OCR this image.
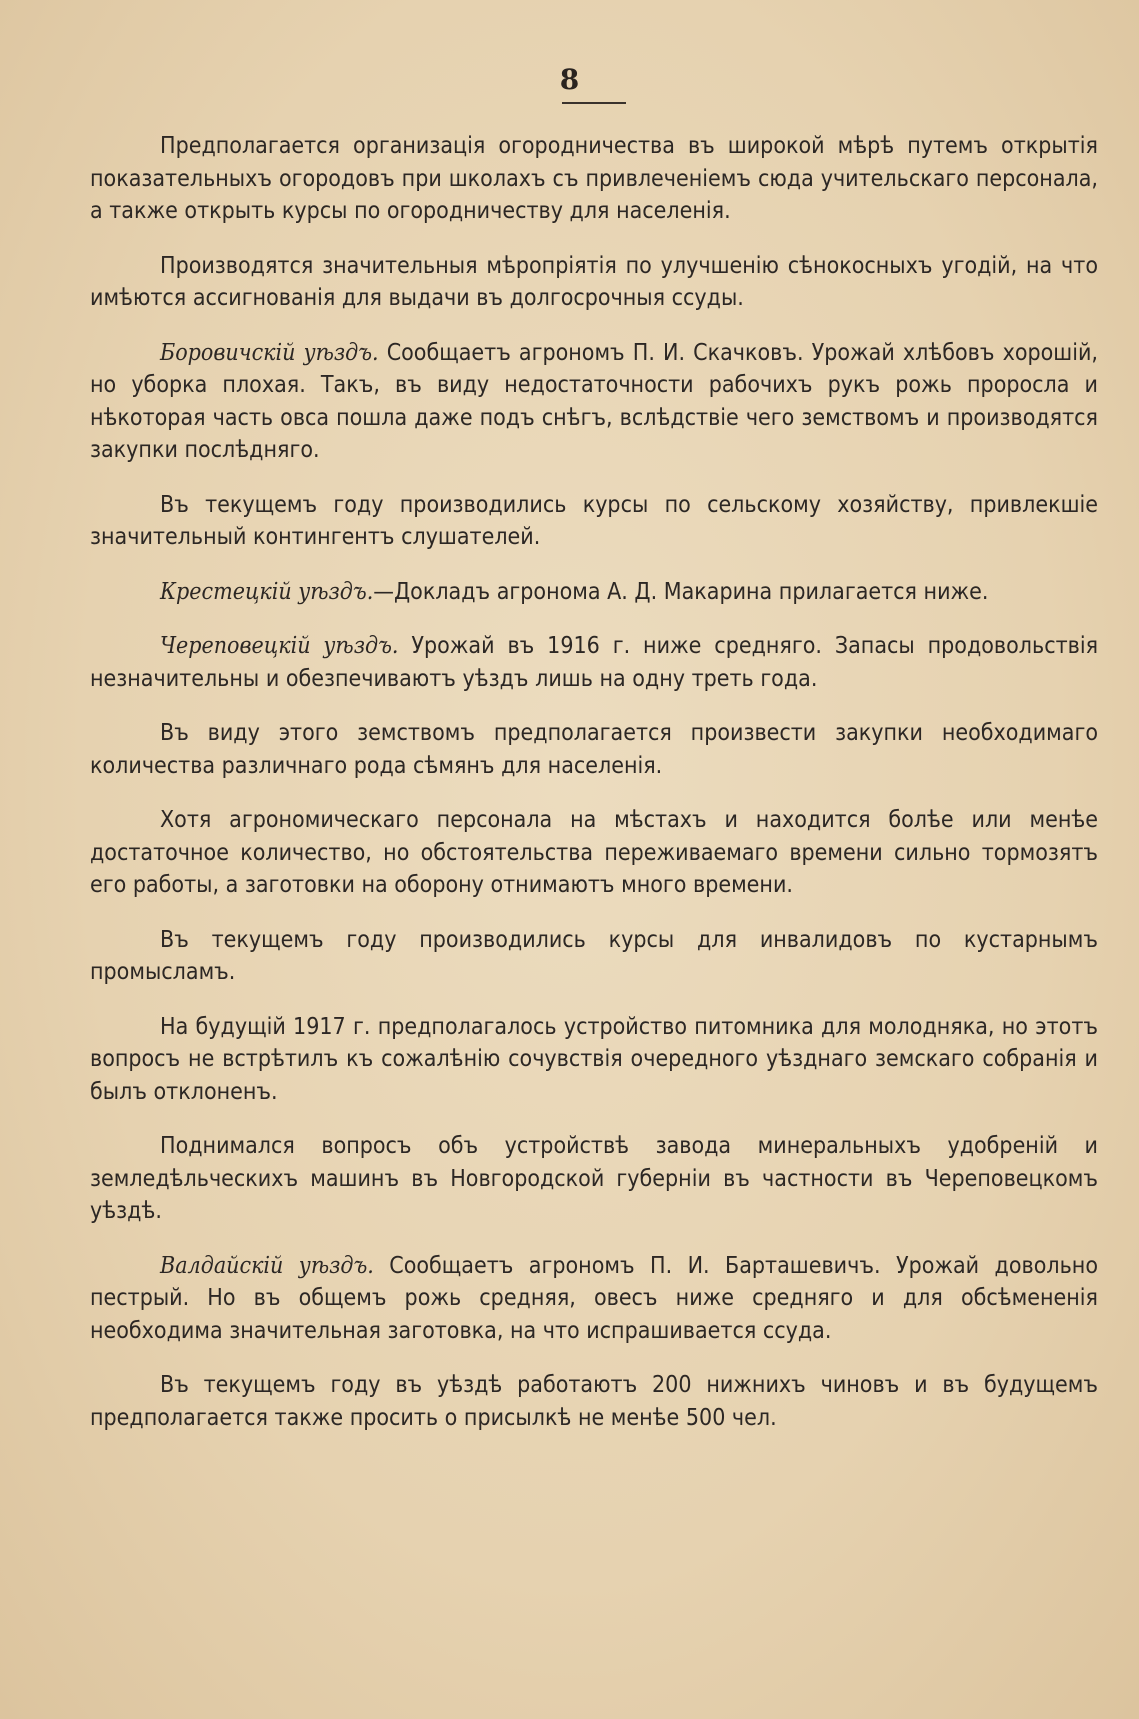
8

Предполагается организація огородничества въ широкой мѣрѣ путемъ открытія показательныхъ огородовъ при школахъ съ привлеченіемъ сюда учительскаго персонала, а также открыть курсы по огородничеству для населенія.

Производятся значительныя мѣропріятія по улучшенію сѣнокосныхъ угодій, на что имѣются ассигнованія для выдачи въ долгосрочныя ссуды.

Боровичскій уѣздъ. Сообщаетъ агрономъ П. И. Скачковъ. Урожай хлѣбовъ хорошій, но уборка плохая. Такъ, въ виду недостаточности рабочихъ рукъ рожь проросла и нѣкоторая часть овса пошла даже подъ снѣгъ, вслѣдствіе чего земствомъ и производятся закупки послѣдняго.

Въ текущемъ году производились курсы по сельскому хозяйству, привлекшіе значительный контингентъ слушателей.

Крестецкій уѣздъ.—Докладъ агронома А. Д. Макарина прилагается ниже.

Череповецкій уѣздъ. Урожай въ 1916 г. ниже средняго. Запасы продовольствія незначительны и обезпечиваютъ уѣздъ лишь на одну треть года.

Въ виду этого земствомъ предполагается произвести закупки необходимаго количества различнаго рода сѣмянъ для населенія.

Хотя агрономическаго персонала на мѣстахъ и находится болѣе или менѣе достаточное количество, но обстоятельства переживаемаго времени сильно тормозятъ его работы, а заготовки на оборону отнимаютъ много времени.

Въ текущемъ году производились курсы для инвалидовъ по кустарнымъ промысламъ.

На будущій 1917 г. предполагалось устройство питомника для молодняка, но этотъ вопросъ не встрѣтилъ къ сожалѣнію сочувствія очередного уѣзднаго земскаго собранія и былъ отклоненъ.

Поднимался вопросъ объ устройствѣ завода минеральныхъ удобреній и земледѣльческихъ машинъ въ Новгородской губерніи въ частности въ Череповецкомъ уѣздѣ.

Валдайскій уѣздъ. Сообщаетъ агрономъ П. И. Барташевичъ. Урожай довольно пестрый. Но въ общемъ рожь средняя, овесъ ниже средняго и для обсѣмененія необходима значительная заготовка, на что испрашивается ссуда.

Въ текущемъ году въ уѣздѣ работаютъ 200 нижнихъ чиновъ и въ будущемъ предполагается также просить о присылкѣ не менѣе 500 чел.
